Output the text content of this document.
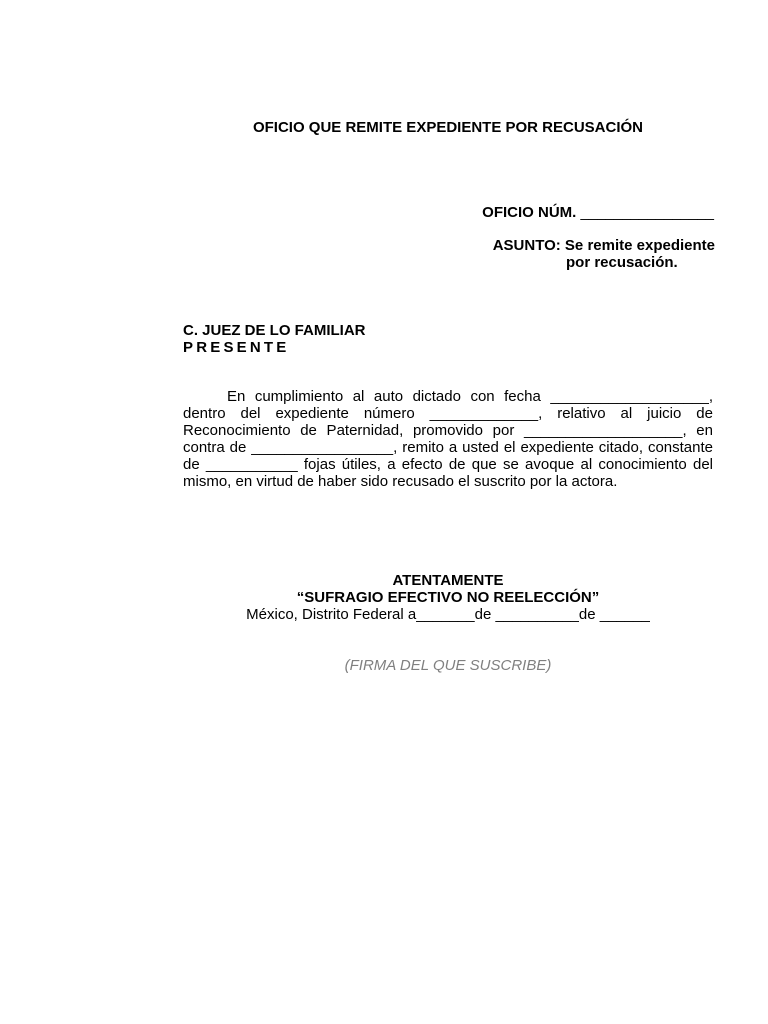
OFICIO QUE REMITE EXPEDIENTE POR RECUSACIÓN
OFICIO NÚM. ________________
ASUNTO: Se remite expediente
por recusación.
C. JUEZ DE LO FAMILIAR
PRESENTE
En cumplimiento al auto dictado con fecha ___________________, dentro del expediente número _____________, relativo al juicio de Reconocimiento de Paternidad, promovido por ___________________, en contra de _________________, remito a usted el expediente citado, constante de ___________ fojas útiles, a efecto de que se avoque al conocimiento del mismo, en virtud de haber sido recusado el suscrito por la actora.
ATENTAMENTE
“SUFRAGIO EFECTIVO NO REELECCIÓN”
México, Distrito Federal a_______de __________de ______
(FIRMA DEL QUE SUSCRIBE)
